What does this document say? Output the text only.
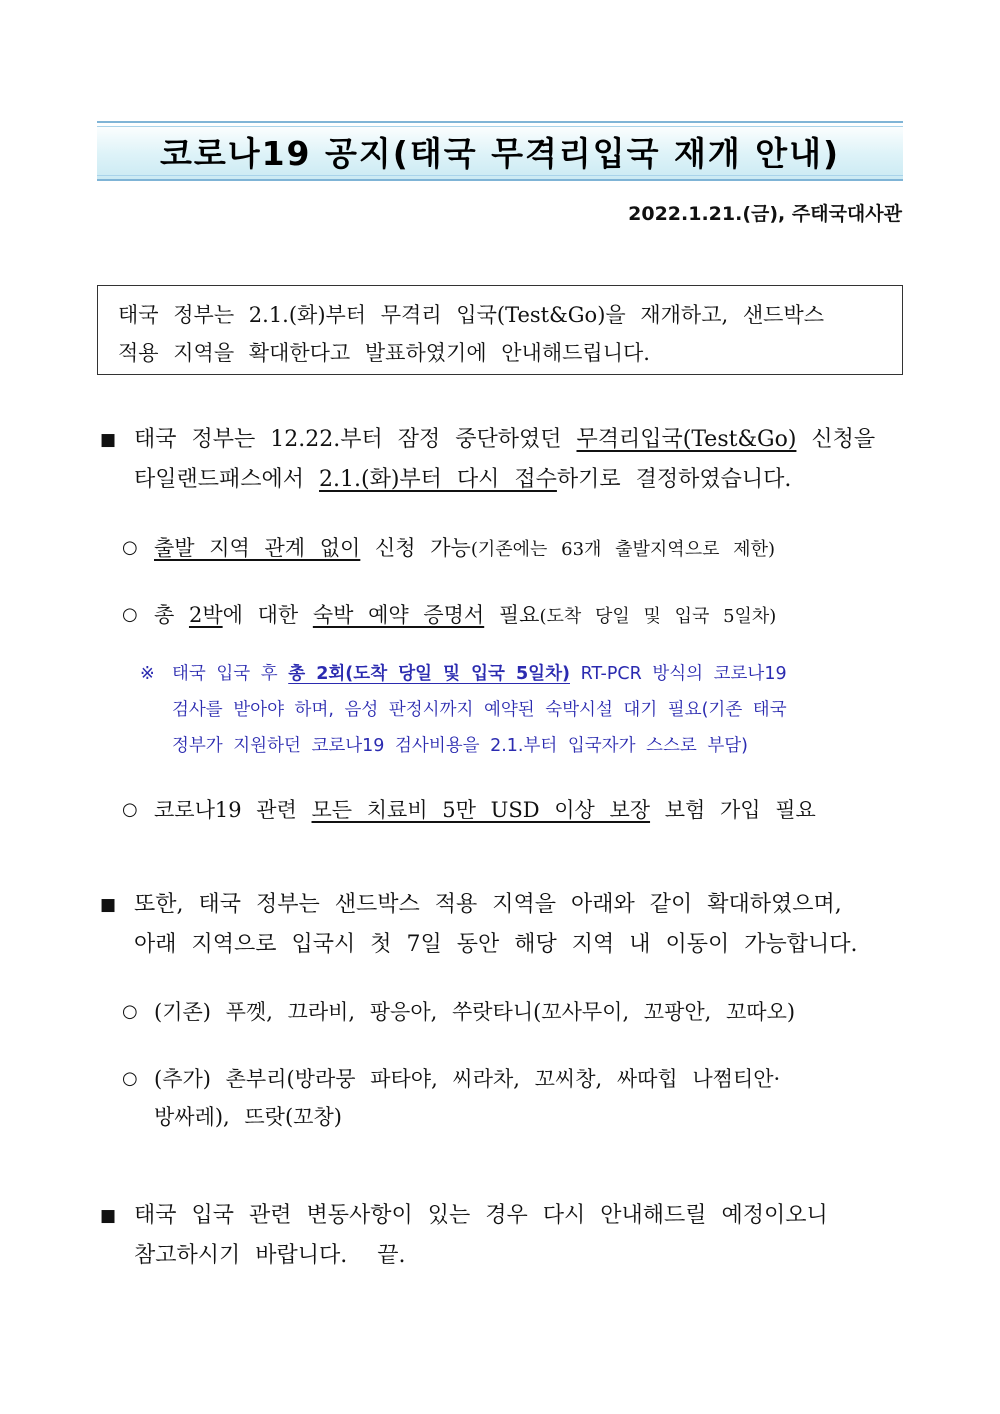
코로나19 공지(태국 무격리입국 재개 안내)
2022.1.21.(금), 주태국대사관
태국 정부는 2.1.(화)부터 무격리 입국(Test&Go)을 재개하고, 샌드박스
적용 지역을 확대한다고 발표하였기에 안내해드립니다.
■ 태국 정부는 12.22.부터 잠정 중단하였던 무격리입국(Test&Go) 신청을
타일랜드패스에서 2.1.(화)부터 다시 접수하기로 결정하였습니다.
○ 출발 지역 관계 없이 신청 가능(기존에는 63개 출발지역으로 제한)
○ 총 2박에 대한 숙박 예약 증명서 필요(도착 당일 및 입국 5일차)
※ 태국 입국 후 총 2회(도착 당일 및 입국 5일차) RT-PCR 방식의 코로나19
검사를 받아야 하며, 음성 판정시까지 예약된 숙박시설 대기 필요(기존 태국
정부가 지원하던 코로나19 검사비용을 2.1.부터 입국자가 스스로 부담)
○ 코로나19 관련 모든 치료비 5만 USD 이상 보장 보험 가입 필요
■ 또한, 태국 정부는 샌드박스 적용 지역을 아래와 같이 확대하였으며,
아래 지역으로 입국시 첫 7일 동안 해당 지역 내 이동이 가능합니다.
○ (기존) 푸껫, 끄라비, 팡응아, 쑤랏타니(꼬사무이, 꼬팡안, 꼬따오)
○ (추가) 촌부리(방라뭉 파타야, 씨라차, 꼬씨창, 싸따힙 나쩜티안·
방싸레), 뜨랏(꼬창)
■ 태국 입국 관련 변동사항이 있는 경우 다시 안내해드릴 예정이오니
참고하시기 바랍니다.  끝.
